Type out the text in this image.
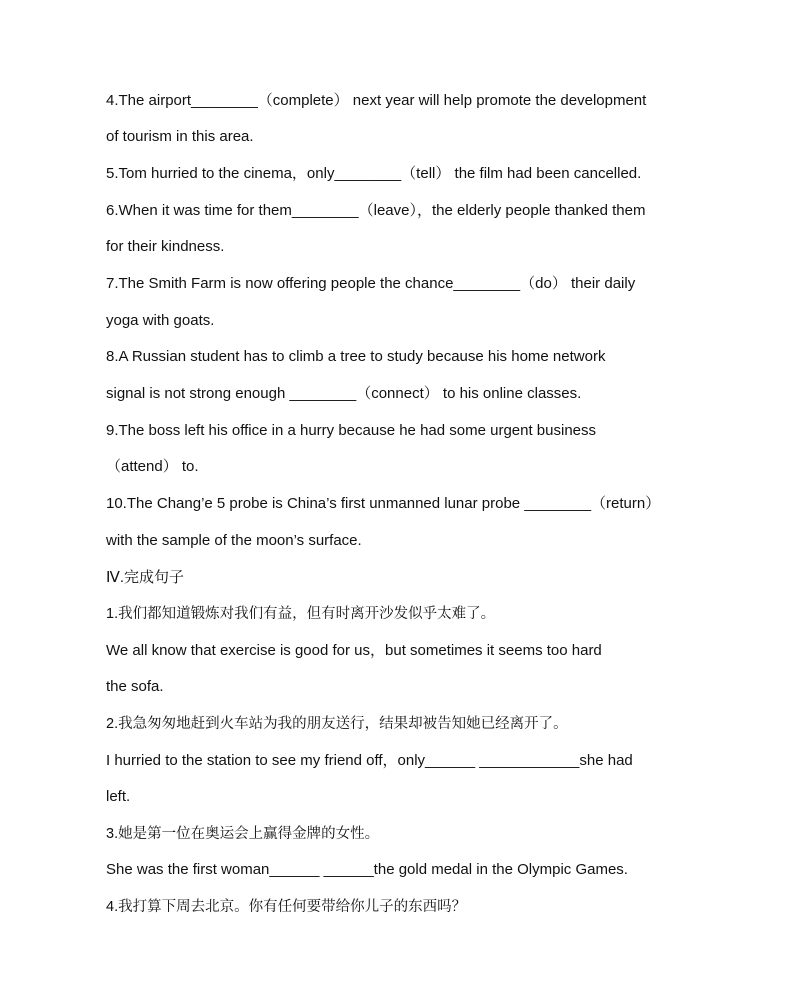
4.The airport________（complete） next year will help promote the development
of tourism in this area.
5.Tom hurried to the cinema，only________（tell） the film had been cancelled.
6.When it was time for them________（leave），the elderly people thanked them
for their kindness.
7.The Smith Farm is now offering people the chance________（do） their daily
yoga with goats.
8.A Russian student has to climb a tree to study because his home network
signal is not strong enough ________（connect） to his online classes.
9.The boss left his office in a hurry because he had some urgent business
（attend） to.
10.The Chang’e 5 probe is China’s first unmanned lunar probe ________（return）
with the sample of the moon’s surface.
Ⅳ.完成句子
1.我们都知道锻炼对我们有益，但有时离开沙发似乎太难了。
We all know that exercise is good for us，but sometimes it seems too hard
the sofa.
2.我急匆匆地赶到火车站为我的朋友送行，结果却被告知她已经离开了。
I hurried to the station to see my friend off，only______ ____________she had
left.
3.她是第一位在奥运会上赢得金牌的女性。
She was the first woman______ ______the gold medal in the Olympic Games.
4.我打算下周去北京。你有任何要带给你儿子的东西吗？
